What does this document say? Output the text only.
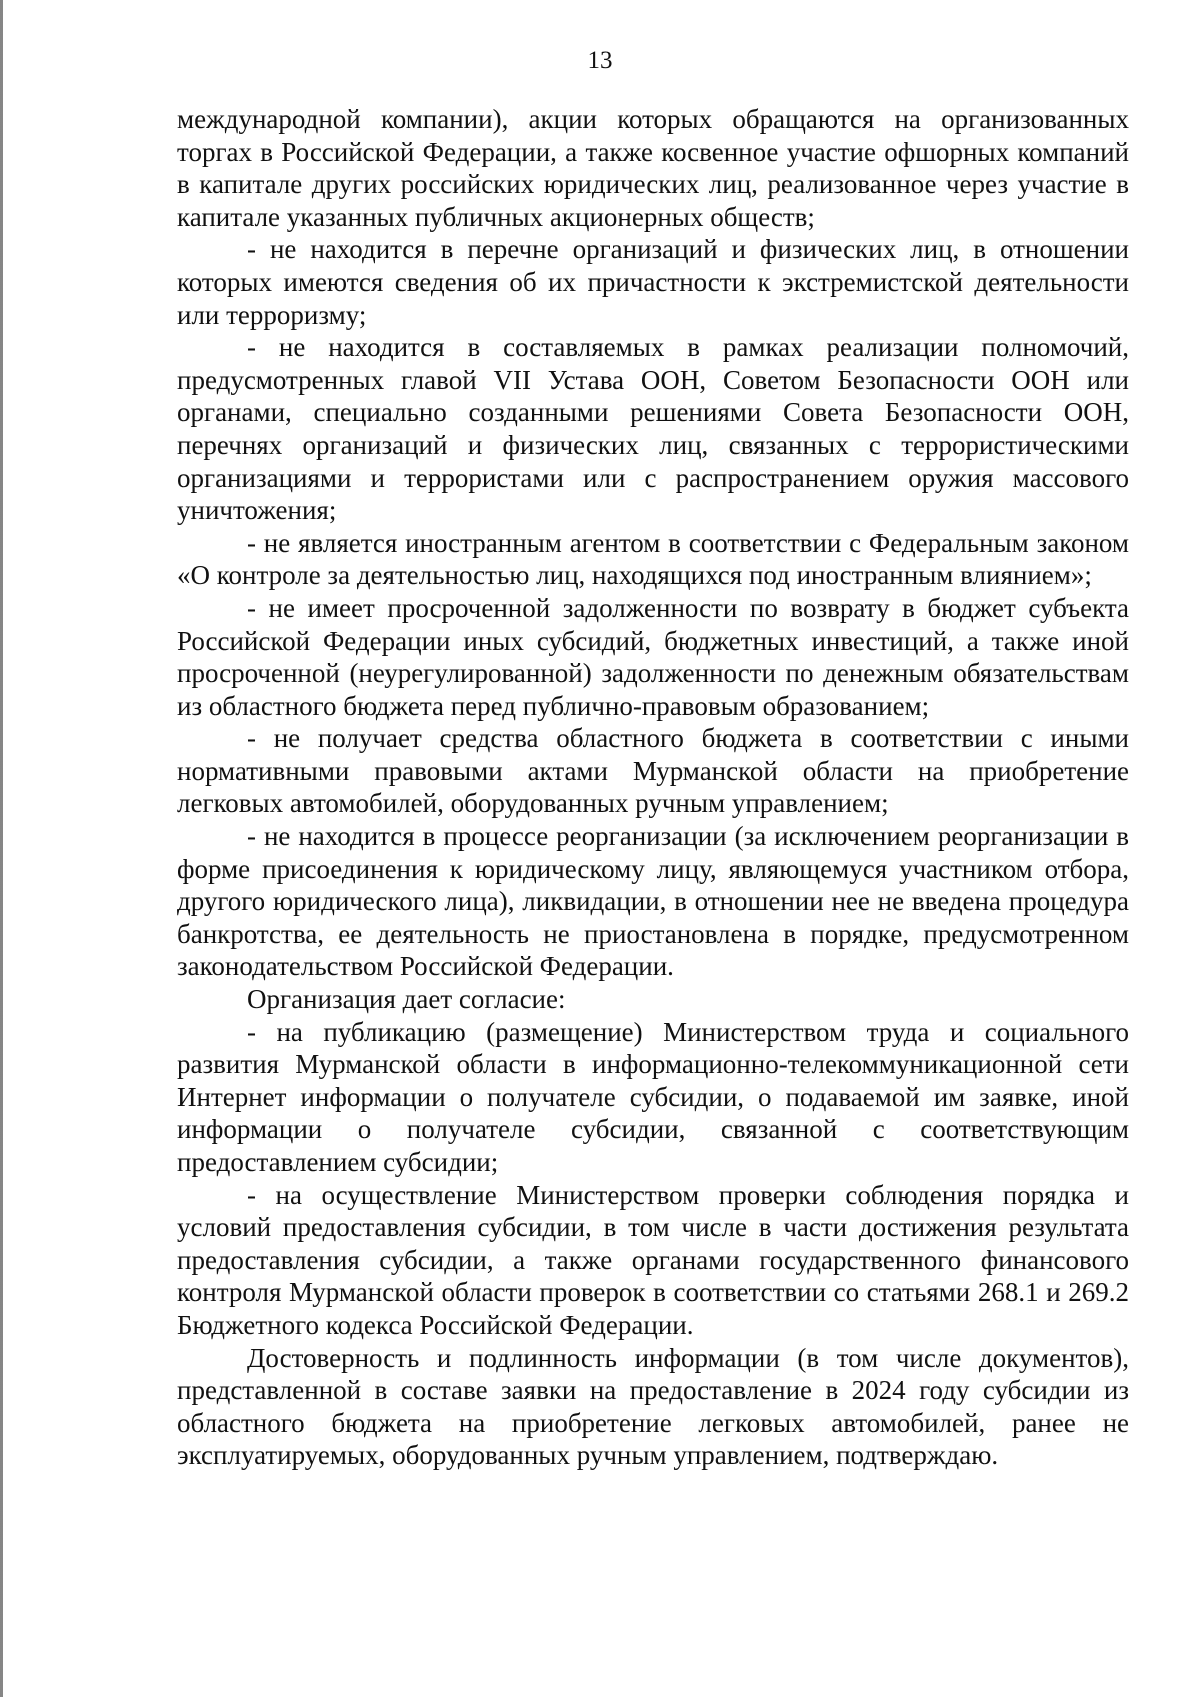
13

международной компании), акции которых обращаются на организованных торгах в Российской Федерации, а также косвенное участие офшорных компаний в капитале других российских юридических лиц, реализованное через участие в капитале указанных публичных акционерных обществ;

- не находится в перечне организаций и физических лиц, в отношении которых имеются сведения об их причастности к экстремистской деятельности или терроризму;

- не находится в составляемых в рамках реализации полномочий, предусмотренных главой VII Устава ООН, Советом Безопасности ООН или органами, специально созданными решениями Совета Безопасности ООН, перечнях организаций и физических лиц, связанных с террористическими организациями и террористами или с распространением оружия массового уничтожения;

- не является иностранным агентом в соответствии с Федеральным законом «О контроле за деятельностью лиц, находящихся под иностранным влиянием»;

- не имеет просроченной задолженности по возврату в бюджет субъекта Российской Федерации иных субсидий, бюджетных инвестиций, а также иной просроченной (неурегулированной) задолженности по денежным обязательствам из областного бюджета перед публично-правовым образованием;

- не получает средства областного бюджета в соответствии с иными нормативными правовыми актами Мурманской области на приобретение легковых автомобилей, оборудованных ручным управлением;

- не находится в процессе реорганизации (за исключением реорганизации в форме присоединения к юридическому лицу, являющемуся участником отбора, другого юридического лица), ликвидации, в отношении нее не введена процедура банкротства, ее деятельность не приостановлена в порядке, предусмотренном законодательством Российской Федерации.

Организация дает согласие:

- на публикацию (размещение) Министерством труда и социального развития Мурманской области в информационно-телекоммуникационной сети Интернет информации о получателе субсидии, о подаваемой им заявке, иной информации о получателе субсидии, связанной с соответствующим предоставлением субсидии;

- на осуществление Министерством проверки соблюдения порядка и условий предоставления субсидии, в том числе в части достижения результата предоставления субсидии, а также органами государственного финансового контроля Мурманской области проверок в соответствии со статьями 268.1 и 269.2 Бюджетного кодекса Российской Федерации.

Достоверность и подлинность информации (в том числе документов), представленной в составе заявки на предоставление в 2024 году субсидии из областного бюджета на приобретение легковых автомобилей, ранее не эксплуатируемых, оборудованных ручным управлением, подтверждаю.
